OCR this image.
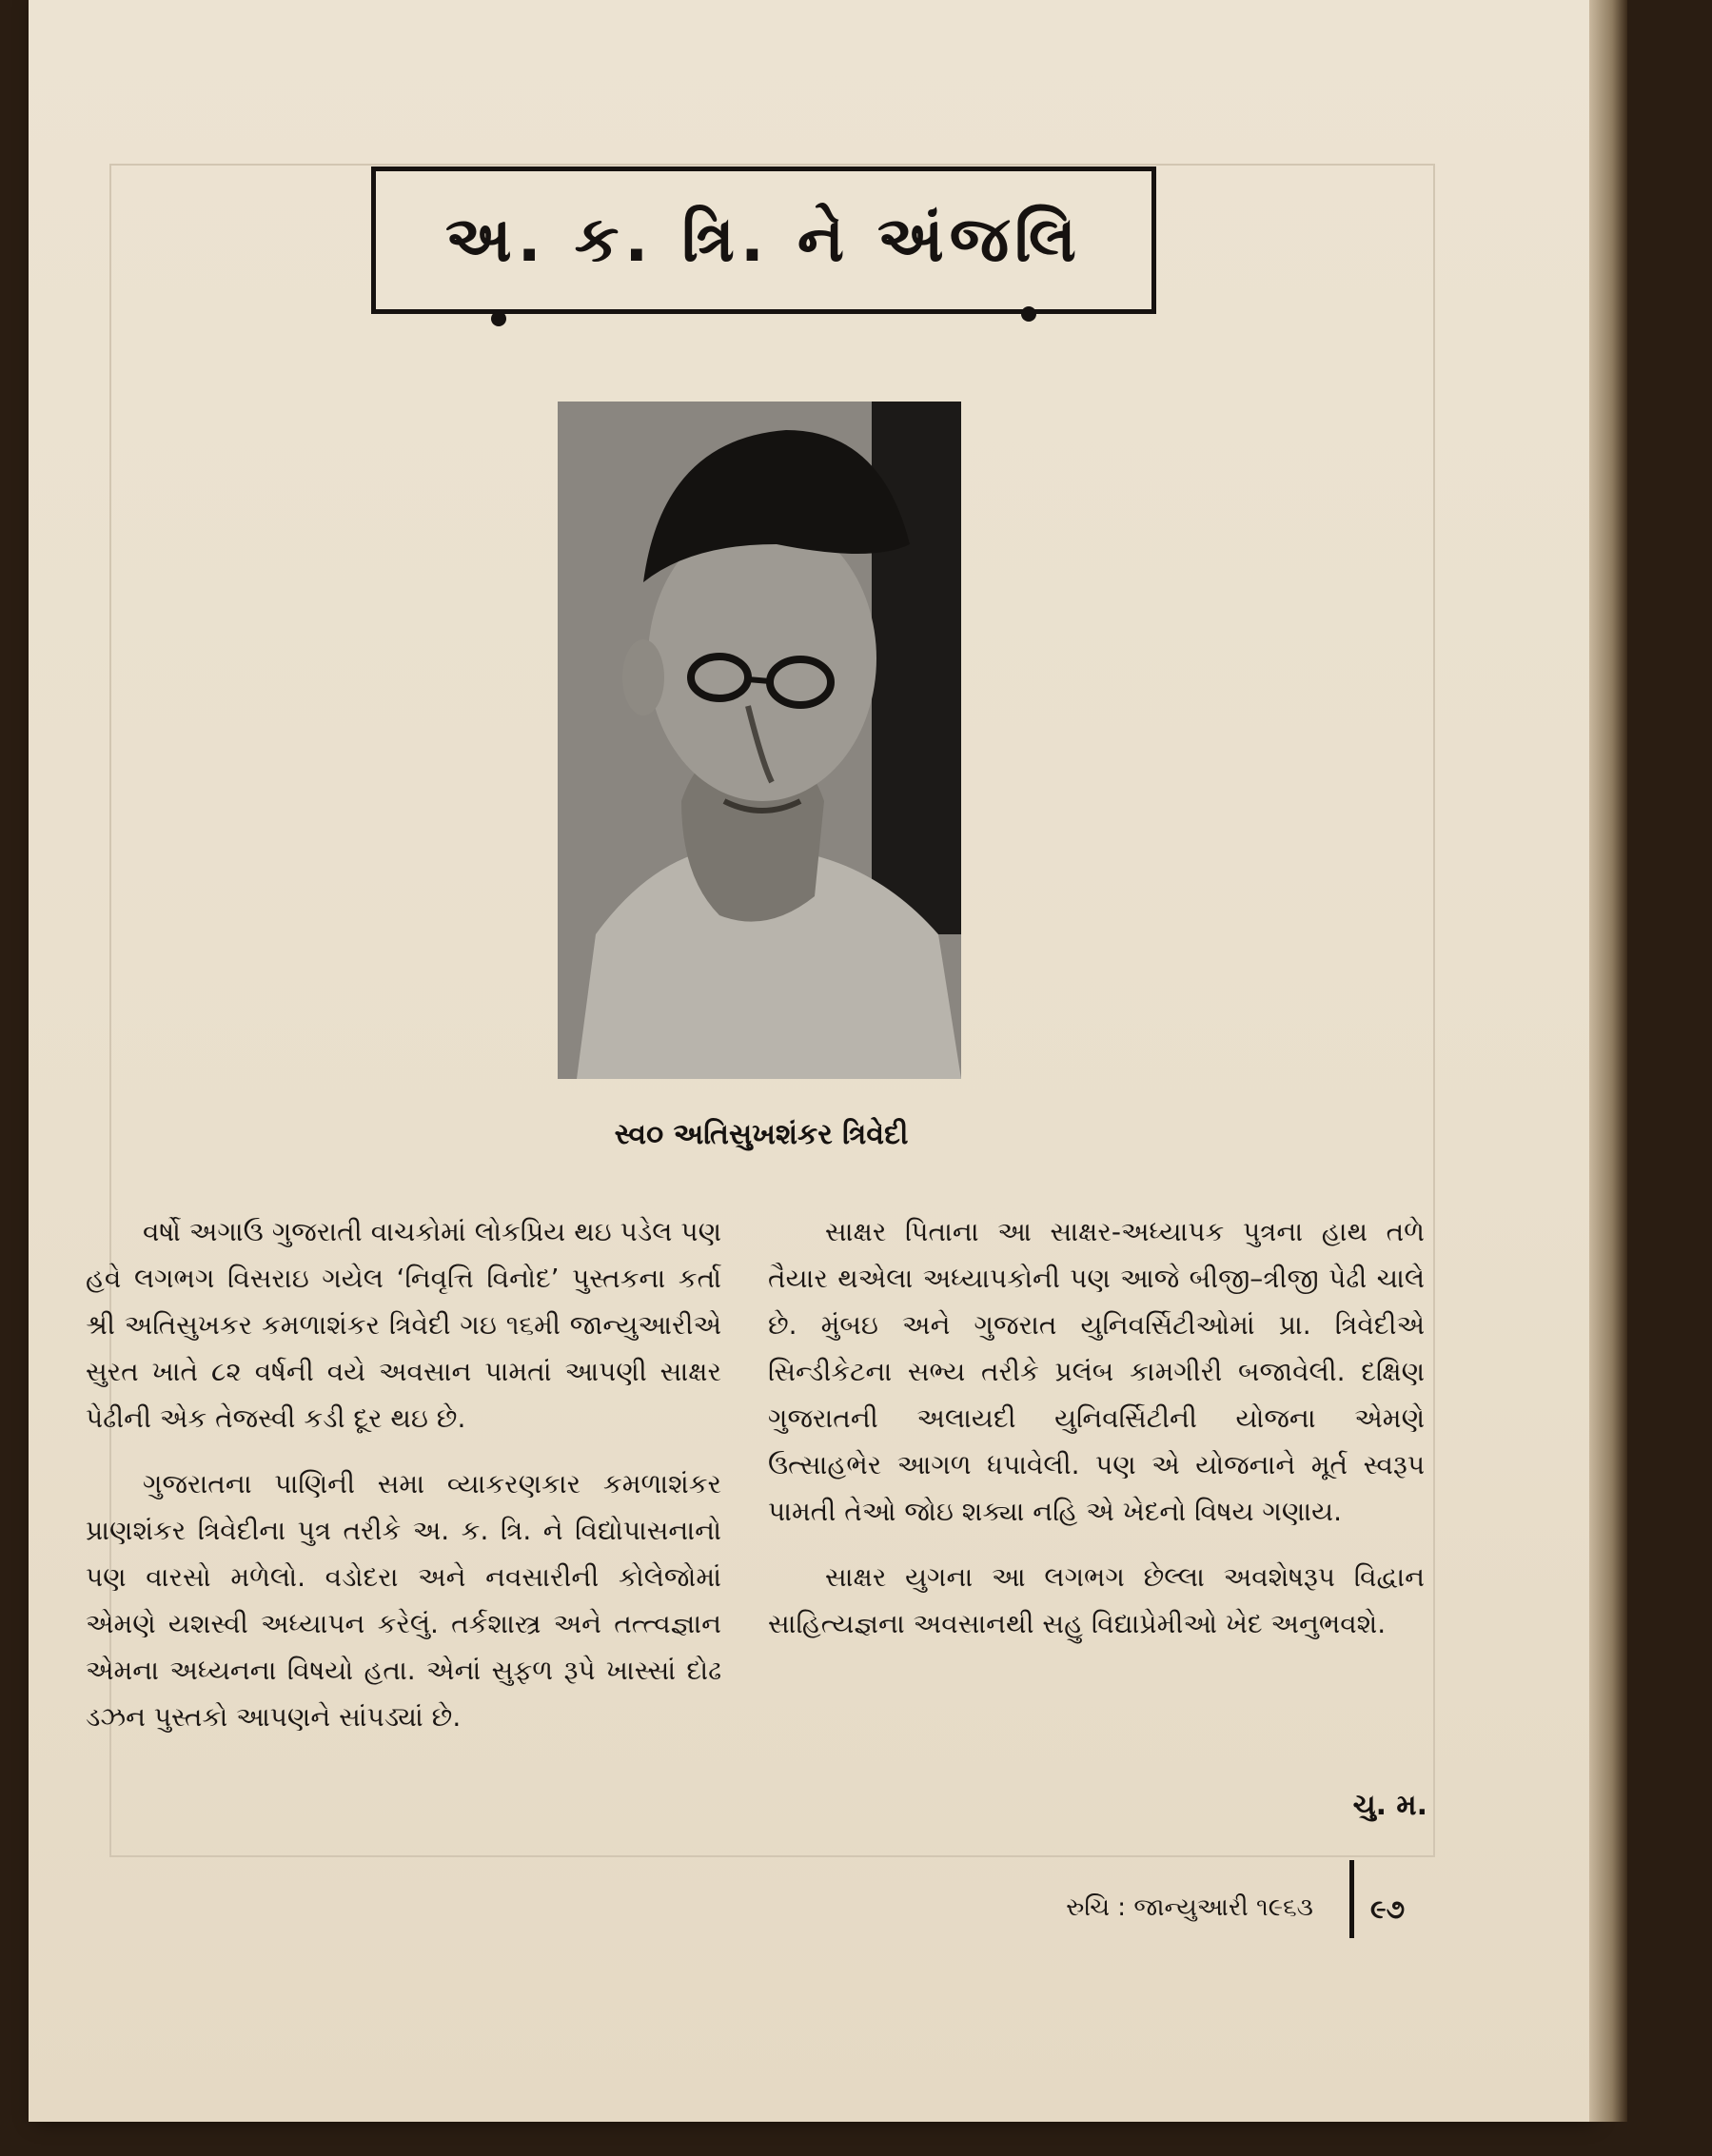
અ. ક. ત્રિ. ને અંજલિ
સ્વ૦ અતિસુખશંકર ત્રિવેદી

વર્ષો અગાઉ ગુજરાતી વાચકોમાં લોકપ્રિય થઇ પડેલ પણ હવે લગભગ વિસરાઇ ગયેલ ‘નિવૃત્તિ વિનોદ’ પુસ્તકના કર્તા શ્રી અતિસુખકર કમળાશંકર ત્રિવેદી ગઇ ૧૬મી જાન્યુઆરીએ સુરત ખાતે ૮૨ વર્ષની વયે અવસાન પામતાં આપણી સાક્ષર પેઢીની એક તેજસ્વી કડી દૂર થઇ છે.

ગુજરાતના પાણિની સમા વ્યાકરણકાર કમળાશંકર પ્રાણશંકર ત્રિવેદીના પુત્ર તરીકે અ. ક. ત્રિ. ને વિદ્યોપાસનાનો પણ વારસો મળેલો. વડોદરા અને નવસારીની કોલેજોમાં એમણે યશસ્વી અધ્યાપન કરેલું. તર્કશાસ્ત્ર અને તત્ત્વજ્ઞાન એમના અધ્યનના વિષયો હતા. એનાં સુફળ રૂપે ખાસ્સાં દોઢ ડઝન પુસ્તકો આપણને સાંપડ્યાં છે.

સાક્ષર પિતાના આ સાક્ષર-અધ્યાપક પુત્રના હાથ તળે તૈયાર થએલા અધ્યાપકોની પણ આજે બીજી–ત્રીજી પેઢી ચાલે છે. મુંબઇ અને ગુજરાત યુનિવર્સિટીઓમાં પ્રા. ત્રિવેદીએ સિન્ડીકેટના સભ્ય તરીકે પ્રલંબ કામગીરી બજાવેલી. દક્ષિણ ગુજરાતની અલાયદી યુનિવર્સિટીની યોજના એમણે ઉત્સાહભેર આગળ ધપાવેલી. પણ એ યોજનાને મૂર્ત સ્વરૂપ પામતી તેઓ જોઇ શક્યા નહિ એ ખેદનો વિષય ગણાય.

સાક્ષર યુગના આ લગભગ છેલ્લા અવશેષરૂપ વિદ્વાન સાહિત્યજ્ઞના અવસાનથી સહુ વિદ્યાપ્રેમીઓ ખેદ અનુભવશે.

ચુ. મ.
રુચિ : જાન્યુઆરી ૧૯૬૩ ૯૭
